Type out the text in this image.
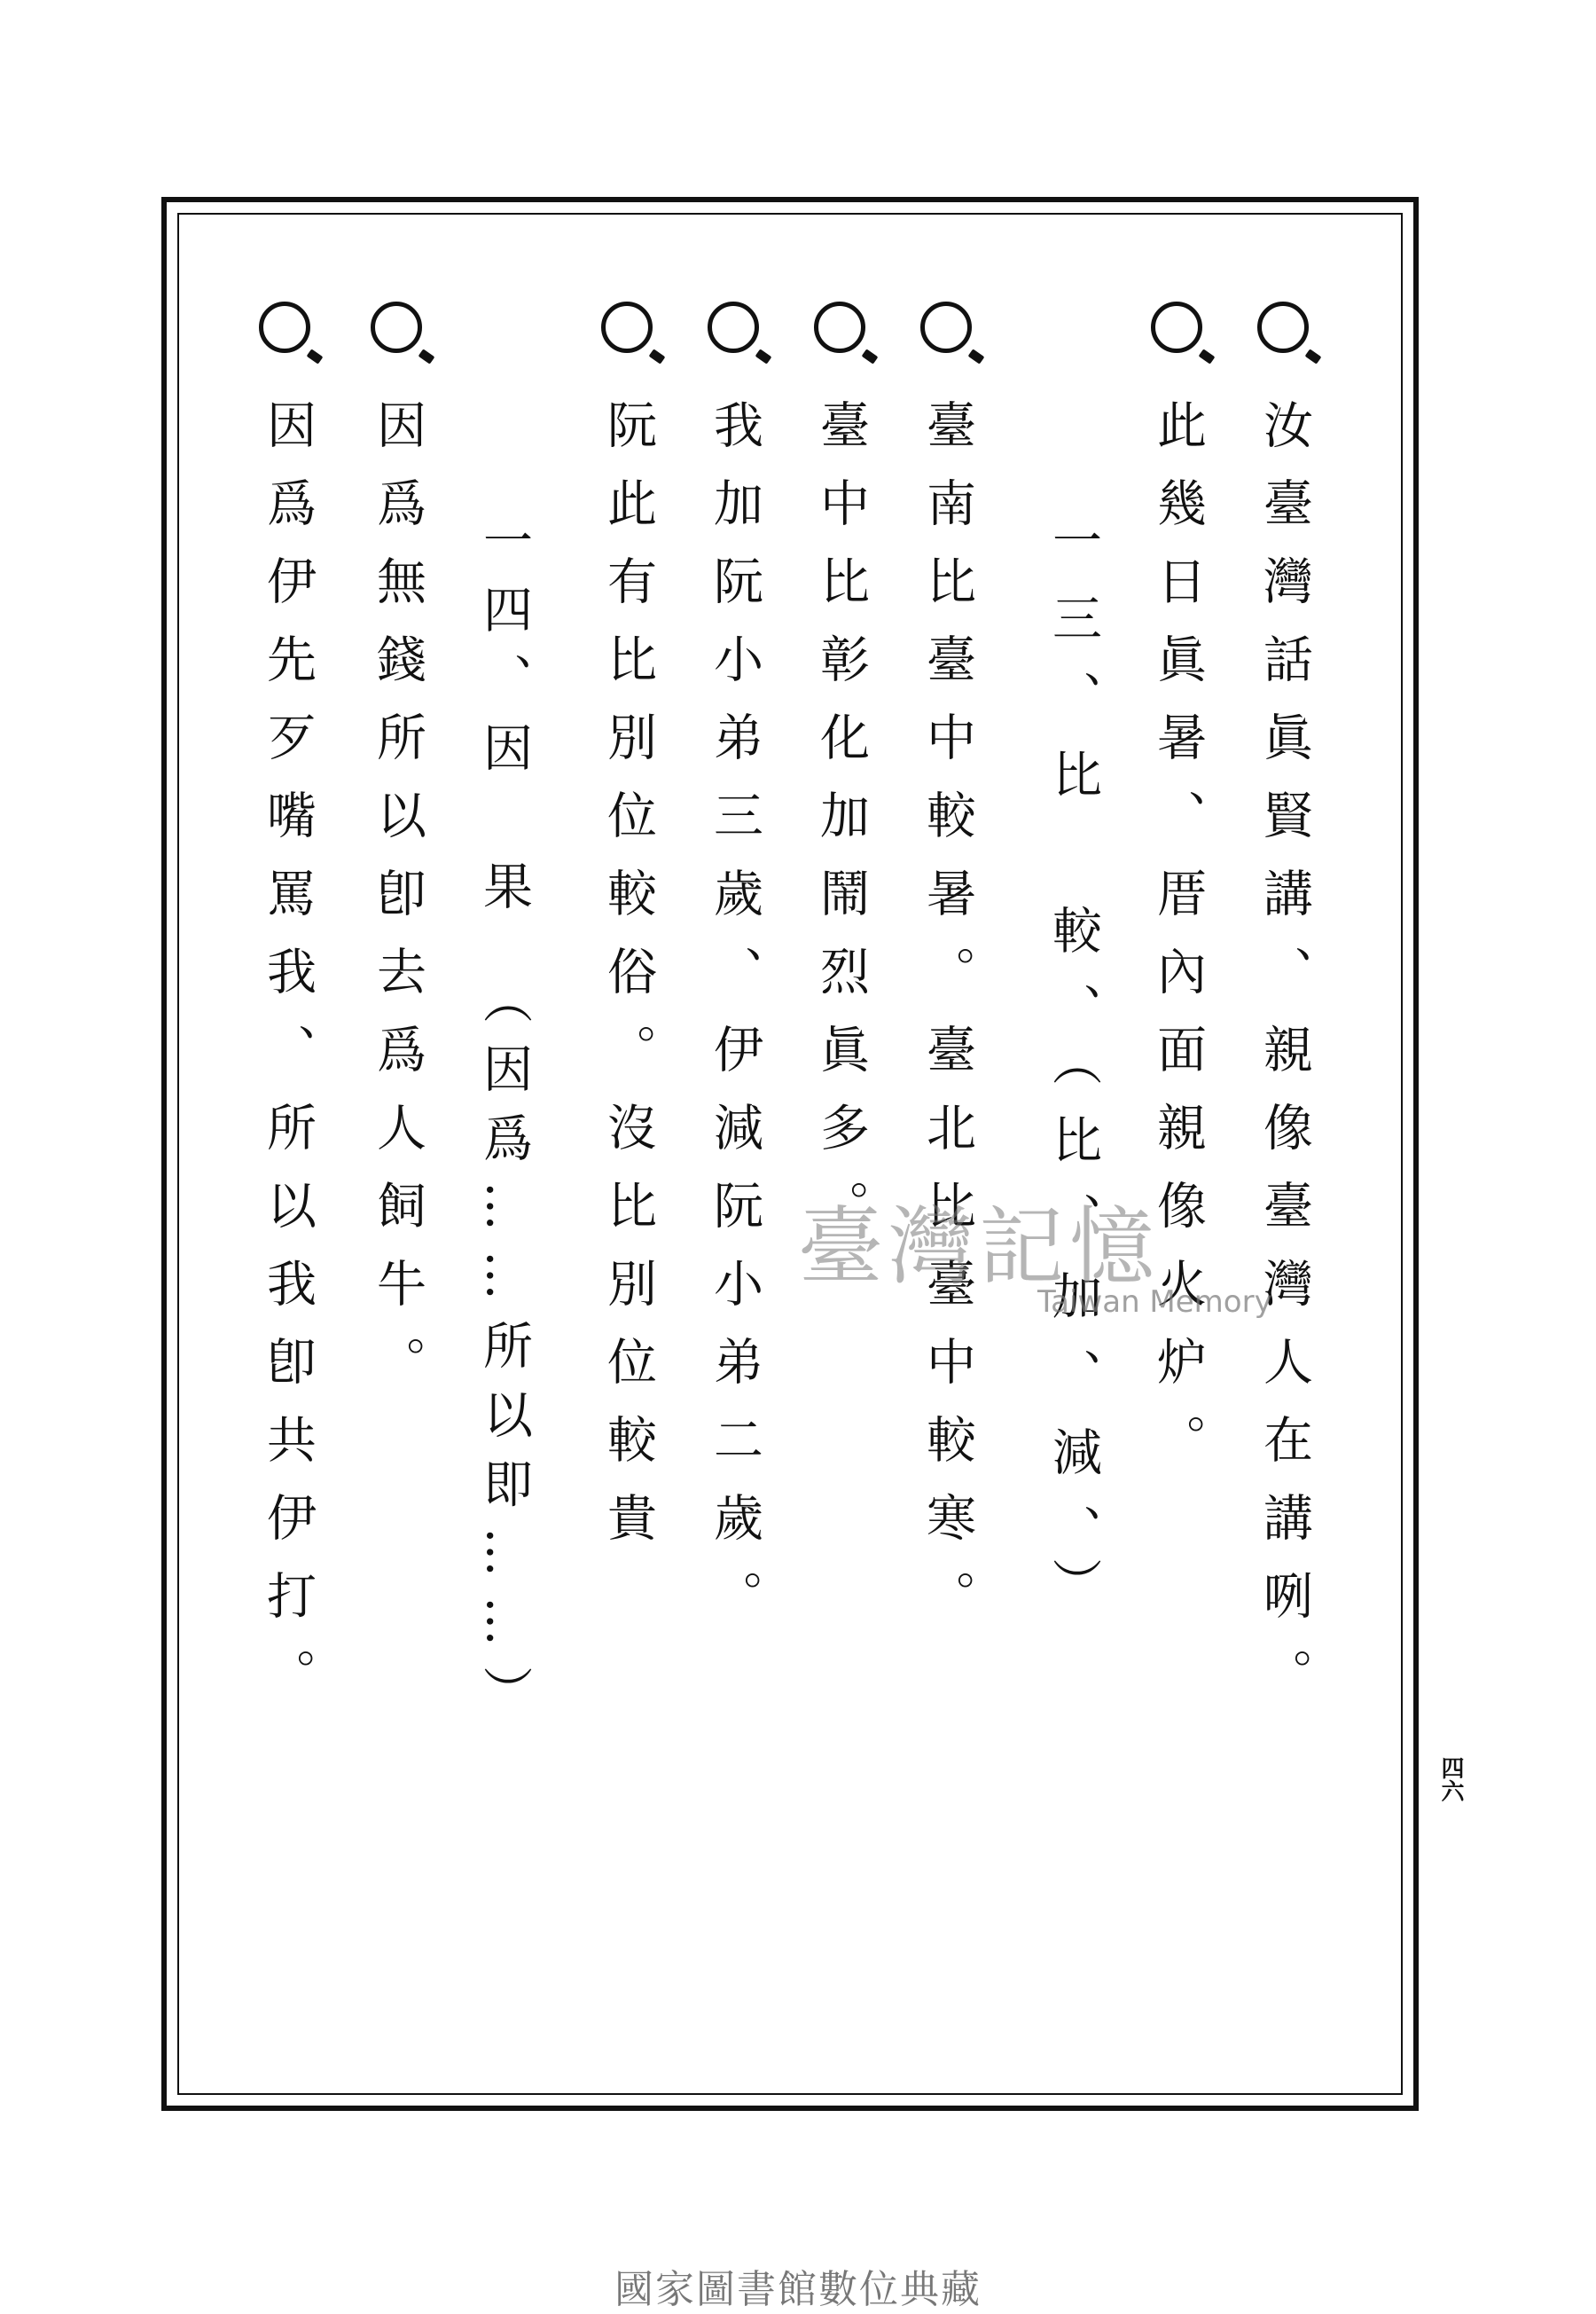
汝臺灣話眞賢講、親像臺灣人在講咧。
此幾日眞暑、厝內面親像火炉。
一三、比　較、（比、加、減、）
臺南比臺中較暑。臺北比臺中較寒。
臺中比彰化加鬧烈眞多。
我加阮小弟三歲、伊減阮小弟二歲。
阮此有比別位較俗。沒比別位較貴
一四、因　果　（因爲……所以即……）
因爲無錢所以卽去爲人飼牛。
因爲伊先歹嘴罵我、所以我卽共伊打。
四六
臺灣記憶
Taiwan Memory
國家圖書館數位典藏
